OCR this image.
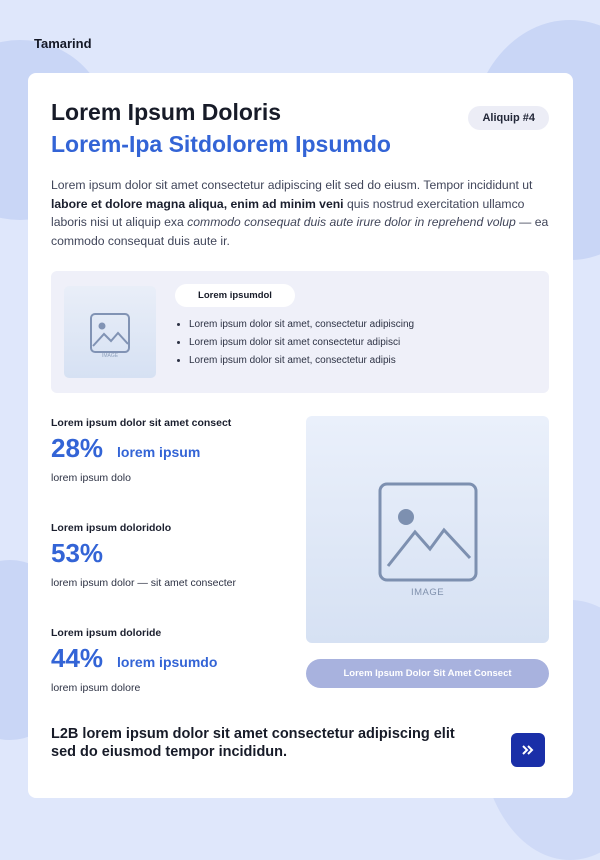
Tamarind
Lorem Ipsum Doloris
Lorem-Ipa Sitdolorem Ipsumdo
Aliquip #4

Lorem ipsum dolor sit amet consectetur adipiscing elit sed do eiusm. Tempor incididunt ut labore et dolore magna aliqua, enim ad minim veni quis nostrud exercitation ullamco laboris nisi ut aliquip exa commodo consequat duis aute irure dolor in reprehend volup — ea commodo consequat duis aute ir.

IMAGE
Lorem ipsumdol
• Lorem ipsum dolor sit amet, consectetur adipiscing
• Lorem ipsum dolor sit amet consectetur adipisci
• Lorem ipsum dolor sit amet, consectetur adipis
Lorem ipsum dolor sit amet consect
28% lorem ipsum
lorem ipsum dolo
Lorem ipsum doloridolo
53%
lorem ipsum dolor — sit amet consecter
Lorem ipsum doloride
44% lorem ipsumdo
lorem ipsum dolore
IMAGE
Lorem Ipsum Dolor Sit Amet Consect

L2B lorem ipsum dolor sit amet consectetur adipiscing elit sed do eiusmod tempor incididun.
